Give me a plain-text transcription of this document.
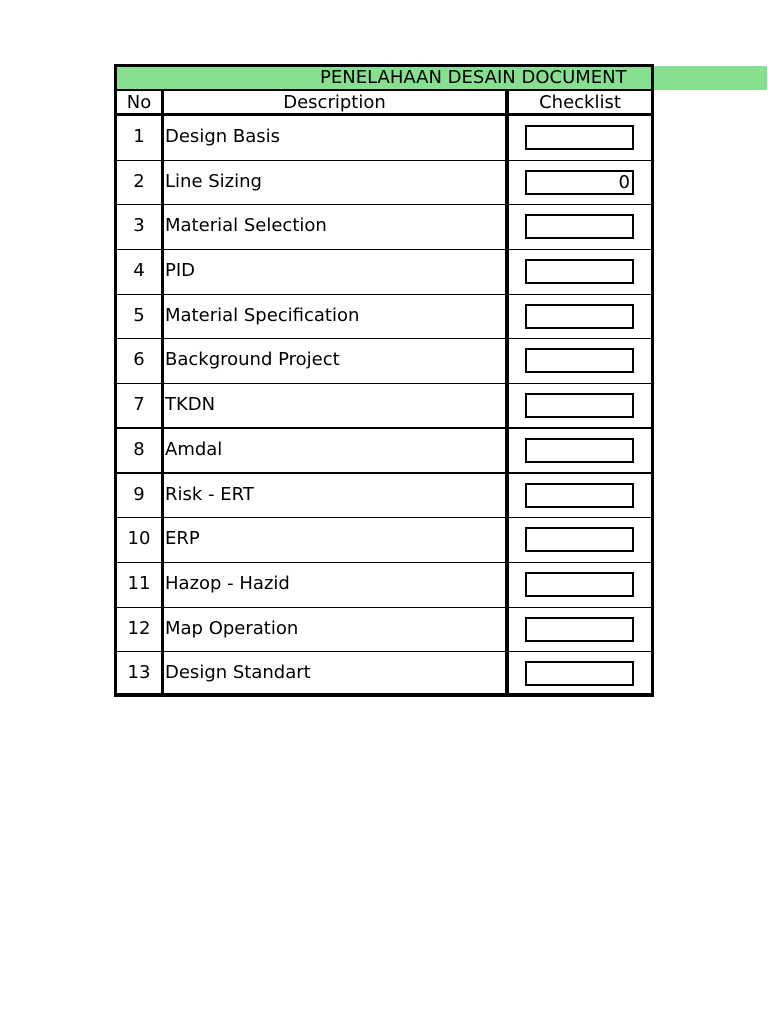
PENELAHAAN DESAIN DOCUMENT
No	Description	Checklist
1	Design Basis
2	Line Sizing	0
3	Material Selection
4	PID
5	Material Specification
6	Background Project
7	TKDN
8	Amdal
9	Risk - ERT
10 ERP
11 Hazop - Hazid
12 Map Operation
13 Design Standart
